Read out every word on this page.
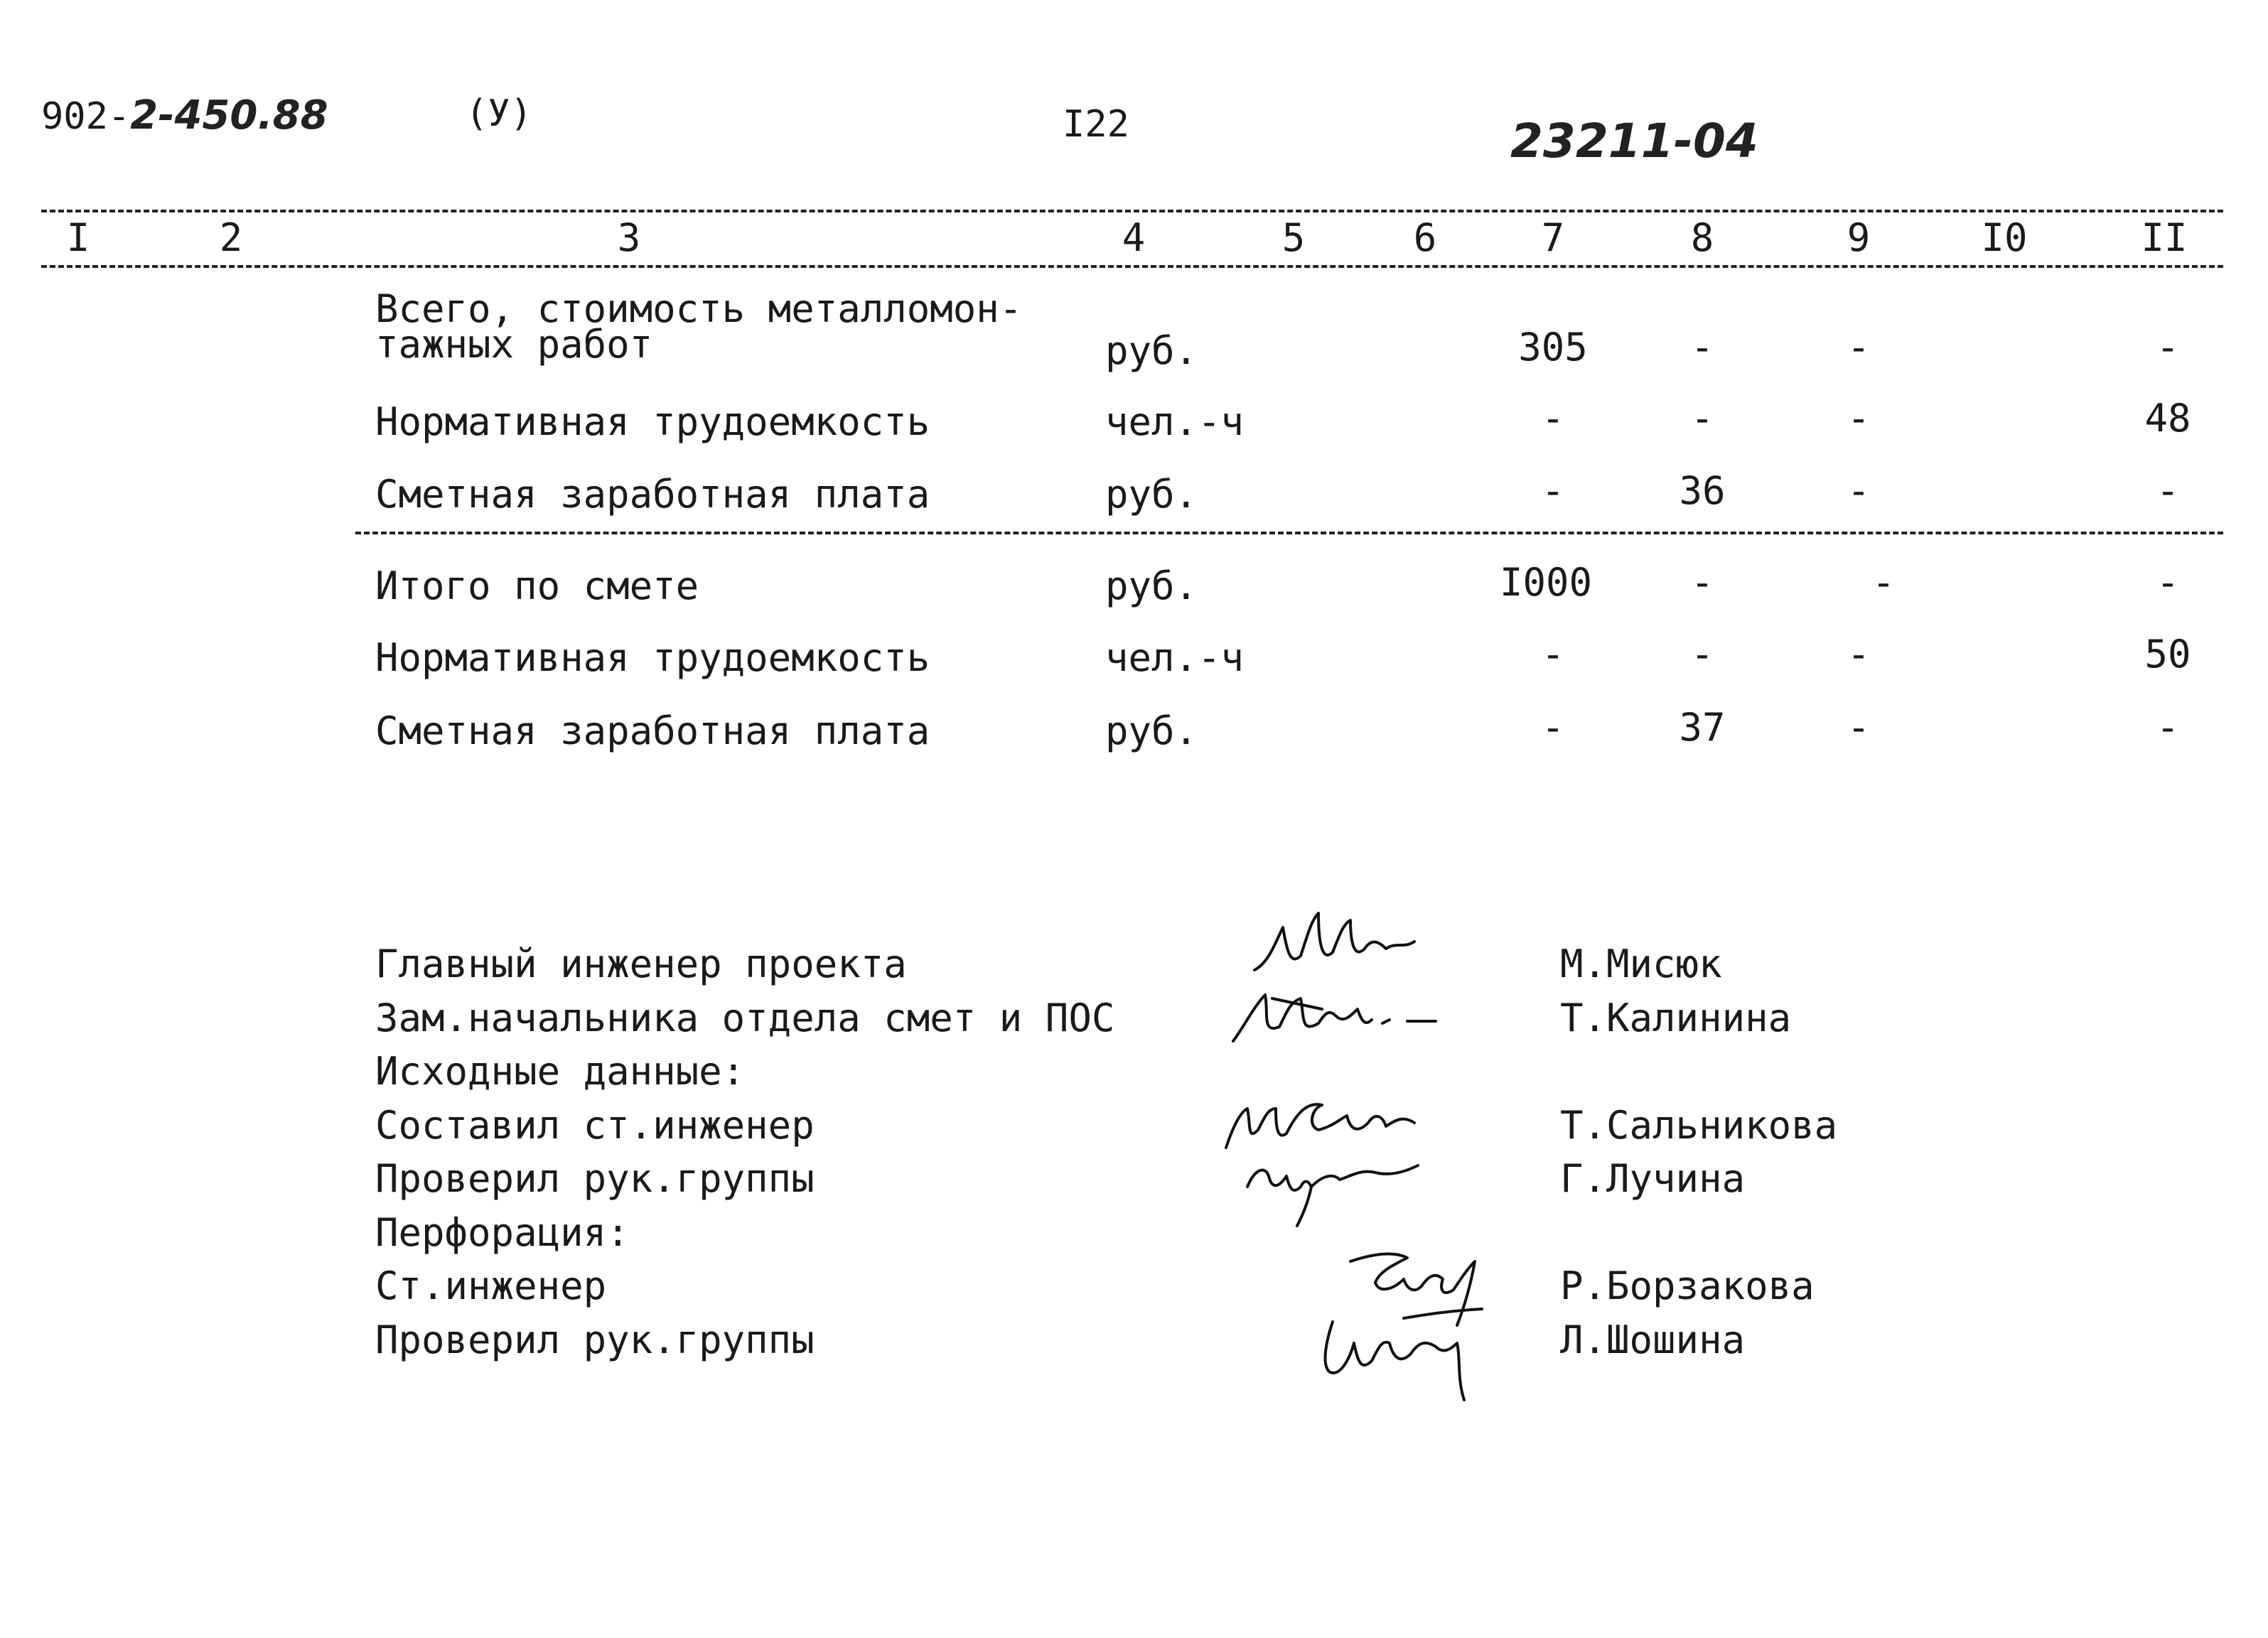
902-2-450.88	(У)	I22	23211-04
I	2	3	4	5	6	7	8	9	I0	II
Всего, стоимость металломон-
тажных работ	руб.	305	-	-	-
Нормативная трудоемкость	чел.-ч	-	-	-	48
Сметная заработная плата	руб.	-	36	-	-
Итого по смете	руб.	I000	-	-	-
Нормативная трудоемкость	чел.-ч	-	-	-	50
Сметная заработная плата	руб.	-	37	-	-
Главный инженер проекта
Зам.начальника отдела смет и ПОС
Исходные данные:
Составил ст.инженер
Проверил рук.группы
Перфорация:
Ст.инженер
Проверил рук.группы
М.Мисюк
Т.Калинина
Т.Сальникова
Г.Лучина
Р.Борзакова
Л.Шошина
